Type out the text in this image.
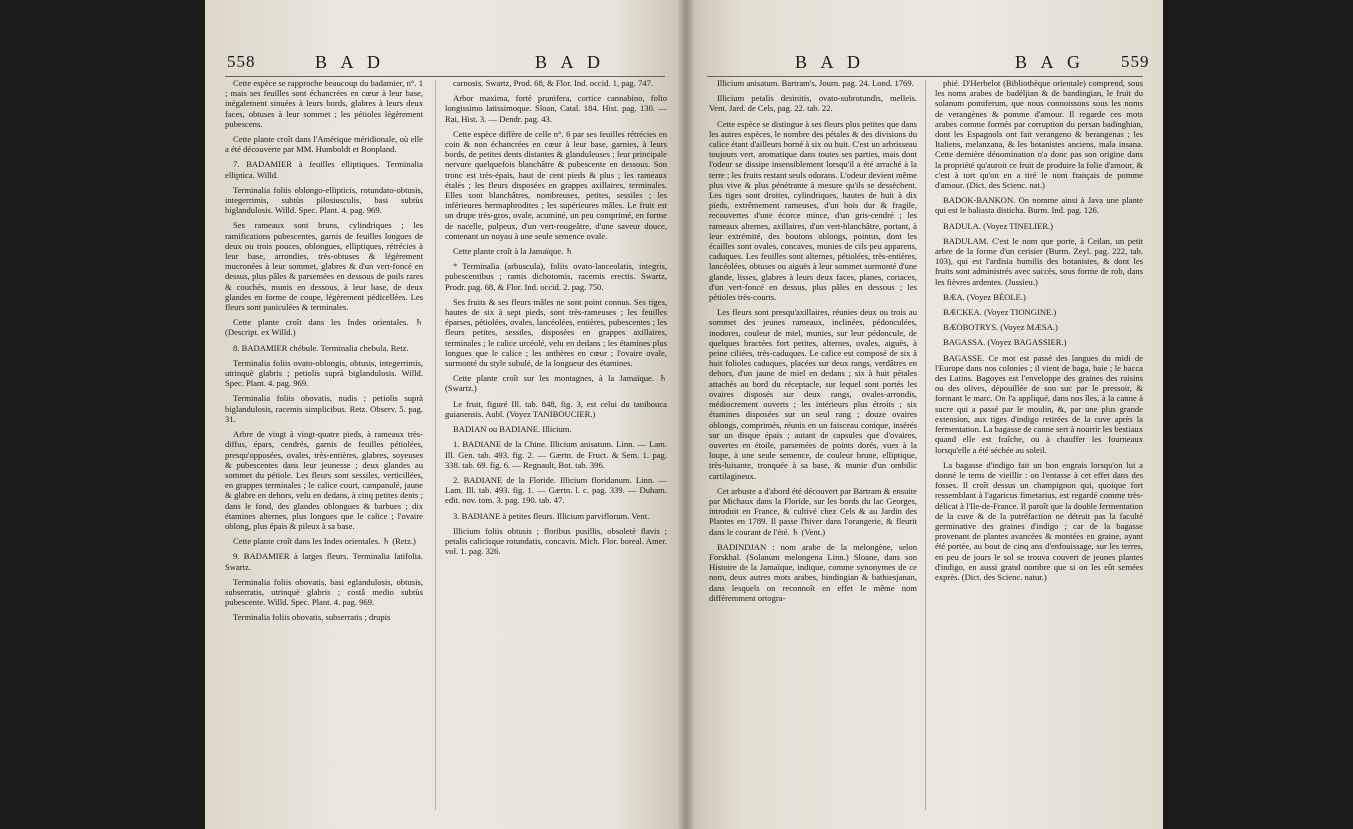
558	B A D	B A D

Cette espèce se rapproche beaucoup du badamier, n°. 1 ; mais ses feuilles sont échancrées en cœur à leur base, inégalement sinuées à leurs bords, glabres à leurs deux faces, obtuses à leur sommet ; les pétioles légèrement pubescens.

Cette plante croît dans l'Amérique méridionale, où elle a été découverte par MM. Humboldt et Bonpland.

7. BADAMIER à feuilles elliptiques. Terminalia elliptica. Willd.

Terminalia foliis oblongo-ellipticis, rotundato-obtusis, integerrimis, subtùs pilosiusculis, basi subtùs biglandulosis. Willd. Spec. Plant. 4. pag. 969.

Ses rameaux sont bruns, cylindriques ; les ramifications pubescentes, garnis de feuilles longues de deux ou trois pouces, oblongues, elliptiques, rétrécies à leur base, arrondies, très-obtuses & légèrement mucronées à leur sommet, glabres & d'un vert-foncé en dessus, plus pâles & parsemées en dessous de poils rares & couchés, munis en dessous, à leur base, de deux glandes en forme de coupe, légèrement pédicellées. Les fleurs sont paniculées & terminales.

Cette plante croît dans les Indes orientales. ♄ (Descript. ex Willd.)

8. BADAMIER chébule. Terminalia chebula. Retz.

Terminalia foliis ovato-oblongis, obtusis, integerrimis, utrinquè glabris ; petiolis suprà biglandulosis. Willd. Spec. Plant. 4. pag. 969.

Terminalia foliis obovatis, nudis ; petiolis suprà biglandulosis, racemis simplicibus. Retz. Observ. 5. pag. 31.

Arbre de vingt à vingt-quatre pieds, à rameaux très-diffus, épars, cendrés, garnis de feuilles pétiolées, presqu'opposées, ovales, très-entières, glabres, soyeuses & pubescentes dans leur jeunesse ; deux glandes au sommet du pétiole. Les fleurs sont sessiles, verticillées, en grappes terminales ; le calice court, campanulé, jaune & glabre en dehors, velu en dedans, à cinq petites dents ; dans le fond, des glandes oblongues & barbues ; dix étamines alternes, plus longues que le calice ; l'ovaire oblong, plus épais & pileux à sa base.

Cette plante croît dans les Indes orientales. ♄ (Retz.)

9. BADAMIER à larges fleurs. Terminalia latifolia. Swartz.

Terminalia foliis obovatis, basi eglandulosis, obtusis, subserratis, utrinquè glabris ; costâ medio subtùs pubescente. Willd. Spec. Plant. 4. pag. 969.

Terminalia foliis obovatis, subserratis ; drupis

carnosis. Swartz, Prod. 68, & Flor. Ind. occid. 1, pag. 747.

Arbor maxima, fortè pruniferа, cortice cannabino, folio longissimo latissimoque. Sloan, Catal. 184. Hist. pag. 130. — Rai, Hist. 3. — Dendr. pag. 43.

Cette espèce diffère de celle n°. 6 par ses feuilles rétrécies en coin & non échancrées en cœur à leur base, garnies, à leurs bords, de petites dents distantes & glanduleuses ; leur principale nervure quelquefois blanchâtre & pubescente en dessous. Son tronc est très-épais, haut de cent pieds & plus ; les rameaux étalés ; les fleurs disposées en grappes axillaires, terminales. Elles sont blanchâtres, nombreuses, petites, sessiles ; les inférieures hermaphrodites ; les supérieures mâles. Le fruit est un drupe très-gros, ovale, acuminé, un peu comprimé, en forme de nacelle, pulpeux, d'un vert-rougeâtre, d'une saveur douce, contenant un noyau à une seule semence ovale.

Cette plante croît à la Jamaïque. ♄

* Terminalia (arbuscula), foliis ovato-lanceolatis, integris, pubescentibus ; ramis dichotomis, racemis erectis. Swartz, Prodr. pag. 68, & Flor. Ind. occid. 2. pag. 750.

Ses fruits & ses fleurs mâles ne sont point connus. Ses tiges, hautes de six à sept pieds, sont très-rameuses ; les feuilles éparses, pétiolées, ovales, lancéolées, entières, pubescentes ; les fleurs petites, sessiles, disposées en grappes axillaires, terminales ; le calice urcéolé, velu en dedans ; les étamines plus longues que le calice ; les anthères en cœur ; l'ovaire ovale, surmonté du style subulé, de la longueur des étamines.

Cette plante croît sur les montagnes, à la Jamaïque. ♄ (Swartz.)

Le fruit, figuré Ill. tab. 848, fig. 3, est celui du tanibouca guianensis. Aubl. (Voyez TANIBOUCIER.)

BADIAN ou BADIANE. Illicium.

1. BADIANE de la Chine. Illicium anisatum. Linn. — Lam. Ill. Gen. tab. 493. fig. 2. — Gærtn. de Fruct. & Sem. 1. pag. 338. tab. 69. fig. 6. — Regnault, Bot. tab. 396.

2. BADIANE de la Floride. Illicium floridanum. Linn. — Lam. Ill. tab. 493. fig. 1. — Gærtn. l. c. pag. 339. — Duham. edit. nov. tom. 3. pag. 190. tab. 47.

3. BADIANE à petites fleurs. Illicium parviflorum. Vent.

Illicium foliis obtusis ; floribus pusillis, obsoletè flavis ; petalis calicisque rotundatis, concavis. Mich. Flor. boreal. Amer. vol. 1. pag. 326.

B A D	B A G 559

Illicium anisatum. Bartram's, Journ. pag. 24. Lond. 1769.

Illicium petalis desinitis, ovato-subrotundis, melleis. Vent. Jard. de Cels, pag. 22. tab. 22.

Cette espèce se distingue à ses fleurs plus petites que dans les autres espèces, le nombre des pétales & des divisions du calice étant d'ailleurs borné à six ou huit. C'est un arbrisseau toujours vert, aromatique dans toutes ses parties, mais dont l'odeur se dissipe insensiblement lorsqu'il a été arraché à la terre ; les fruits restant seuls odorans. L'odeur devient même plus vive & plus pénétrante à mesure qu'ils se dessèchent. Les tiges sont droites, cylindriques, hautes de huit à dix pieds, extrêmement rameuses, d'un bois dur & fragile, recouvertes d'une écorce mince, d'un gris-cendré ; les rameaux alternes, axillaires, d'un vert-blanchâtre, portant, à leur extrémité, des boutons oblongs, pointus, dont les écailles sont ovales, concaves, munies de cils peu apparens, caduques. Les feuilles sont alternes, pétiolées, très-entières, lancéolées, obtuses ou aiguës à leur sommet surmonté d'une glande, lisses, glabres à leurs deux faces, planes, coriaces, d'un vert-foncé en dessus, plus pâles en dessous ; les pétioles très-courts.

Les fleurs sont presqu'axillaires, réunies deux ou trois au sommet des jeunes rameaux, inclinées, pédonculées, inodores, couleur de miel, munies, sur leur pédoncule, de quelques bractées fort petites, alternes, ovales, aiguës, à peine ciliées, très-caduques. Le calice est composé de six à huit folioles caduques, placées sur deux rangs, verdâtres en dehors, d'un jaune de miel en dedans ; six à huit pétales attachés au bord du réceptacle, sur lequel sont portés les ovaires disposés sur deux rangs, ovales-arrondis, médiocrement ouverts ; les intérieurs plus étroits ; six étamines disposées sur un seul rang ; douze ovaires oblongs, comprimés, réunis en un faisceau conique, insérés sur un disque épais ; autant de capsules que d'ovaires, ouvertes en étoile, parsemées de points dorés, vues à la loupe, à une seule semence, de couleur brune, elliptique, très-luisante, tronquée à sa base, & munie d'un ombilic cartilagineux.

Cet arbuste a d'abord été découvert par Bartram & ensuite par Michaux dans la Floride, sur les bords du lac Georges, introduit en France, & cultivé chez Cels & au Jardin des Plantes en 1789. Il passe l'hiver dans l'orangerie, & fleurit dans le courant de l'été. ♄ (Vent.)

BADINDJAN : nom arabe de la melongène, selon Forskhal. (Solanum melongena Linn.) Sloane, dans son Histoire de la Jamaïque, indique, comme synonymes de ce nom, deux autres mots arabes, bindingian & bathiesjanan, dans lesquels on reconnoît en effet le même nom différemment ortogra-

phié. D'Herbelot (Bibliothèque orientale) comprend, sous les noms arabes de badéljian & de bandingian, le fruit du solanum pomiferum, que nous connoissons sous les noms de verangènes & pomme d'amour. Il regarde ces mots arabes comme formés par corruption du persan badinghian, dont les Espagnols ont fait verangeno & berangenas ; les Italiens, melanzana, & les botanistes anciens, mala insana. Cette dernière dénomination n'a donc pas son origine dans la propriété qu'auroit ce fruit de produire la folie d'amour, & c'est à tort qu'on en a tiré le nom français de pomme d'amour. (Dict. des Scienc. nat.)

BADOK-BANKON. On nomme ainsi à Java une plante qui est le baliasta disticha. Burm. Ind. pag. 126.

BADULA. (Voyez TINELIER.)

BADULAM. C'est le nom que porte, à Ceilan, un petit arbre de la forme d'un cerisier (Burm. Zeyl. pag. 222, tab. 103), qui est l'ardisia humilis des botanistes, & dont les fruits sont administrés avec succès, sous forme de rob, dans les fièvres ardentes. (Jussieu.)

BÆA. (Voyez BÉOLE.)

BÆCKEA. (Voyez TIONGINE.)

BÆOBOTRYS. (Voyez MÆSA.)

BAGASSA. (Voyez BAGASSIER.)

BAGASSE. Ce mot est passé des langues du midi de l'Europe dans nos colonies ; il vient de baga, baie ; le bacca des Latins. Bagoyes est l'enveloppe des graines des raisins ou des olives, dépouillée de son suc par le pressoir, & formant le marc. On l'a appliqué, dans nos îles, à la canne à sucre qui a passé par le moulin, &, par une plus grande extension, aux tiges d'indigo retirées de la cuve après la fermentation. La bagasse de canne sert à nourrir les bestiaux quand elle est fraîche, ou à chauffer les fourneaux lorsqu'elle a été séchée au soleil.

La bagasse d'indigo fait un bon engrais lorsqu'on lui a donné le tems de vieillir : on l'entasse à cet effet dans des fosses. Il croît dessus un champignon qui, quoique fort ressemblant à l'agaricus fimetarius, est regardé comme très-délicat à l'Ile-de-France. Il paroît que la double fermentation de la cuve & de la putréfaction ne détruit pas la faculté germinative des graines d'indigo ; car de la bagasse provenant de plantes avancées & montées en graine, ayant été portée, au bout de cinq ans d'enfouissage, sur les terres, en peu de jours le sol se trouva couvert de jeunes plantes d'indigo, en aussi grand nombre que si on les eût semées exprès. (Dict. des Scienc. natur.)
